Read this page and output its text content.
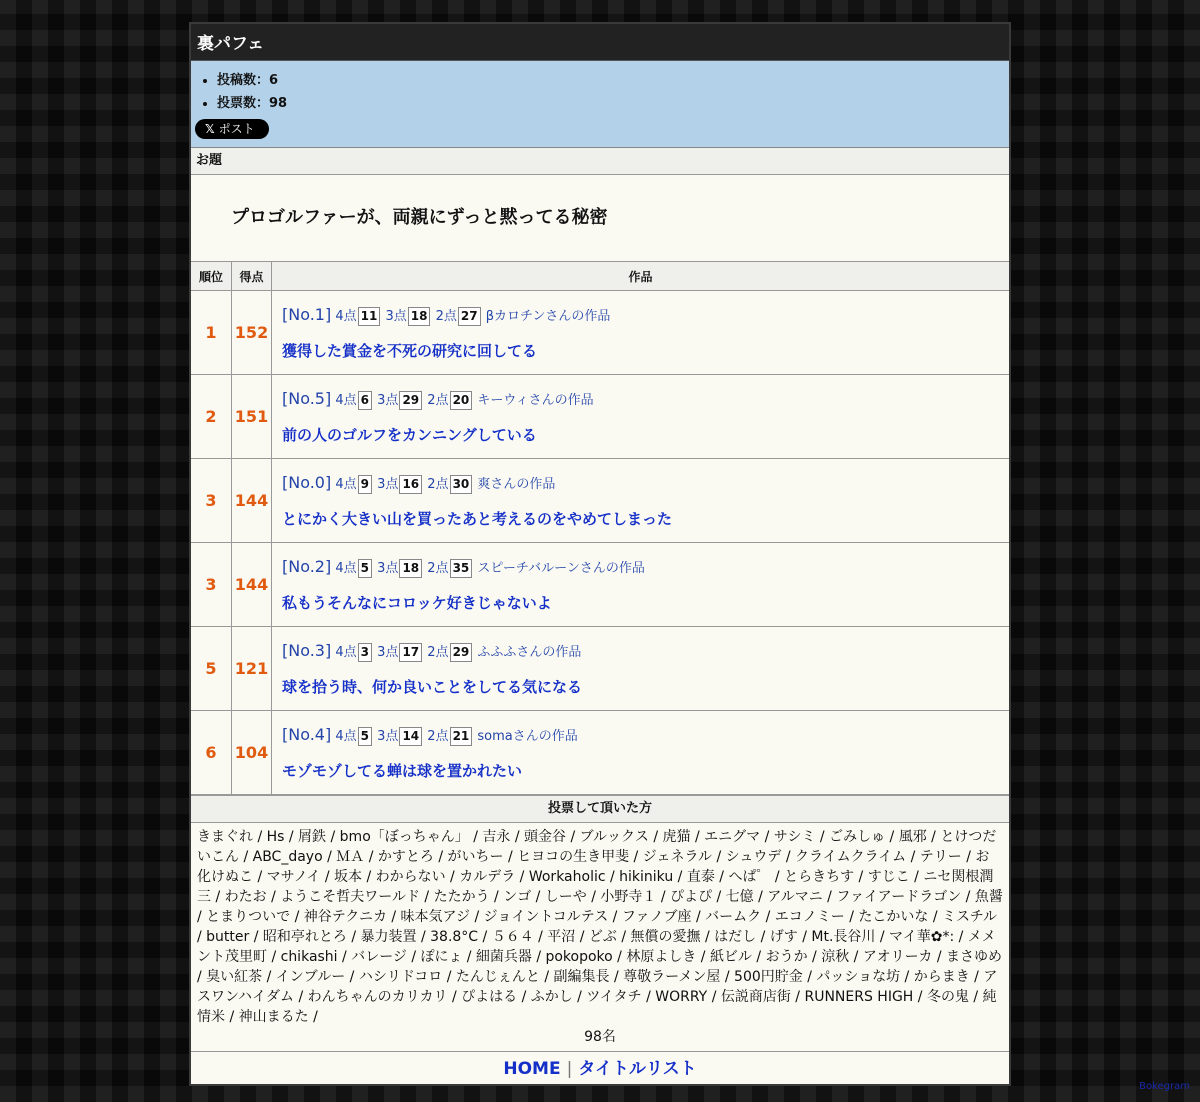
裏パフェ
• 投稿数：6
• 投票数：98
𝕏 ポスト
お題
プロゴルファーが、両親にずっと黙ってる秘密
順位	得点	作品
1	152	[No.1] 4点 11 3点 18 2点 27 βカロチンさんの作品
獲得した賞金を不死の研究に回してる

2	151	[No.5] 4点 6 3点 29 2点 20 キーウィさんの作品
前の人のゴルフをカンニングしている

3	144	[No.0] 4点 9 3点 16 2点 30 爽さんの作品
とにかく大きい山を買ったあと考えるのをやめてしまった

3	144	[No.2] 4点 5 3点 18 2点 35 スピーチバルーンさんの作品
私もうそんなにコロッケ好きじゃないよ

5	121	[No.3] 4点 3 3点 17 2点 29 ふふふさんの作品
球を拾う時、何か良いことをしてる気になる

6	104	[No.4] 4点 5 3点 14 2点 21 somaさんの作品
モゾモゾしてる蝉は球を置かれたい
投票して頂いた方
きまぐれ / Hs / 屑鉄 / bmo「ぼっちゃん」 / 吉永 / 頭金谷 / ブルックス / 虎猫 / エニグマ / サシミ / ごみしゅ / 風邪 / とけつだいこん / ABC_dayo / ＭＡ / かすとろ / がいちー / ヒヨコの生き甲斐 / ジェネラル / シュウデ / クライムクライム / テリー / お化けぬこ / マサノイ / 坂本 / わからない / カルデラ / Workaholic / hikiniku / 直泰 / へぱ゜ / とらきちす / すじこ / ニセ関根潤三 / わたお / ようこそ哲夫ワールド / たたかう / ンゴ / しーや / 小野寺１ / ぴよぴ / 七億 / アルマニ / ファイアードラゴン / 魚醤 / とまりついで / 神谷テクニカ / 味本気アジ / ジョイントコルテス / ファノブ座 / バームク / エコノミー / たこかいな / ミスチル / butter / 昭和亭れとろ / 暴力装置 / 38.8°C / ５６４ / 平沼 / どぶ / 無償の愛撫 / はだし / げす / Mt.長谷川 / マイ華✿*: / メメント茂里町 / chikashi / バレージ / ぽにょ / 細菌兵器 / pokopoko / 林原よしき / 紙ビル / おうか / 涼秋 / アオリーカ / まさゆめ / 臭い紅茶 / インブルー / ハシリドコロ / たんじぇんと / 副編集長 / 尊敬ラーメン屋 / 500円貯金 / パッショな坊 / からまき / アスワンハイダム / わんちゃんのカリカリ / ぴよはる / ふかし / ツイタチ / WORRY / 伝説商店街 / RUNNERS HIGH / 冬の鬼 / 純情米 / 神山まるた /
98名
HOME | タイトルリスト
Bokegram
